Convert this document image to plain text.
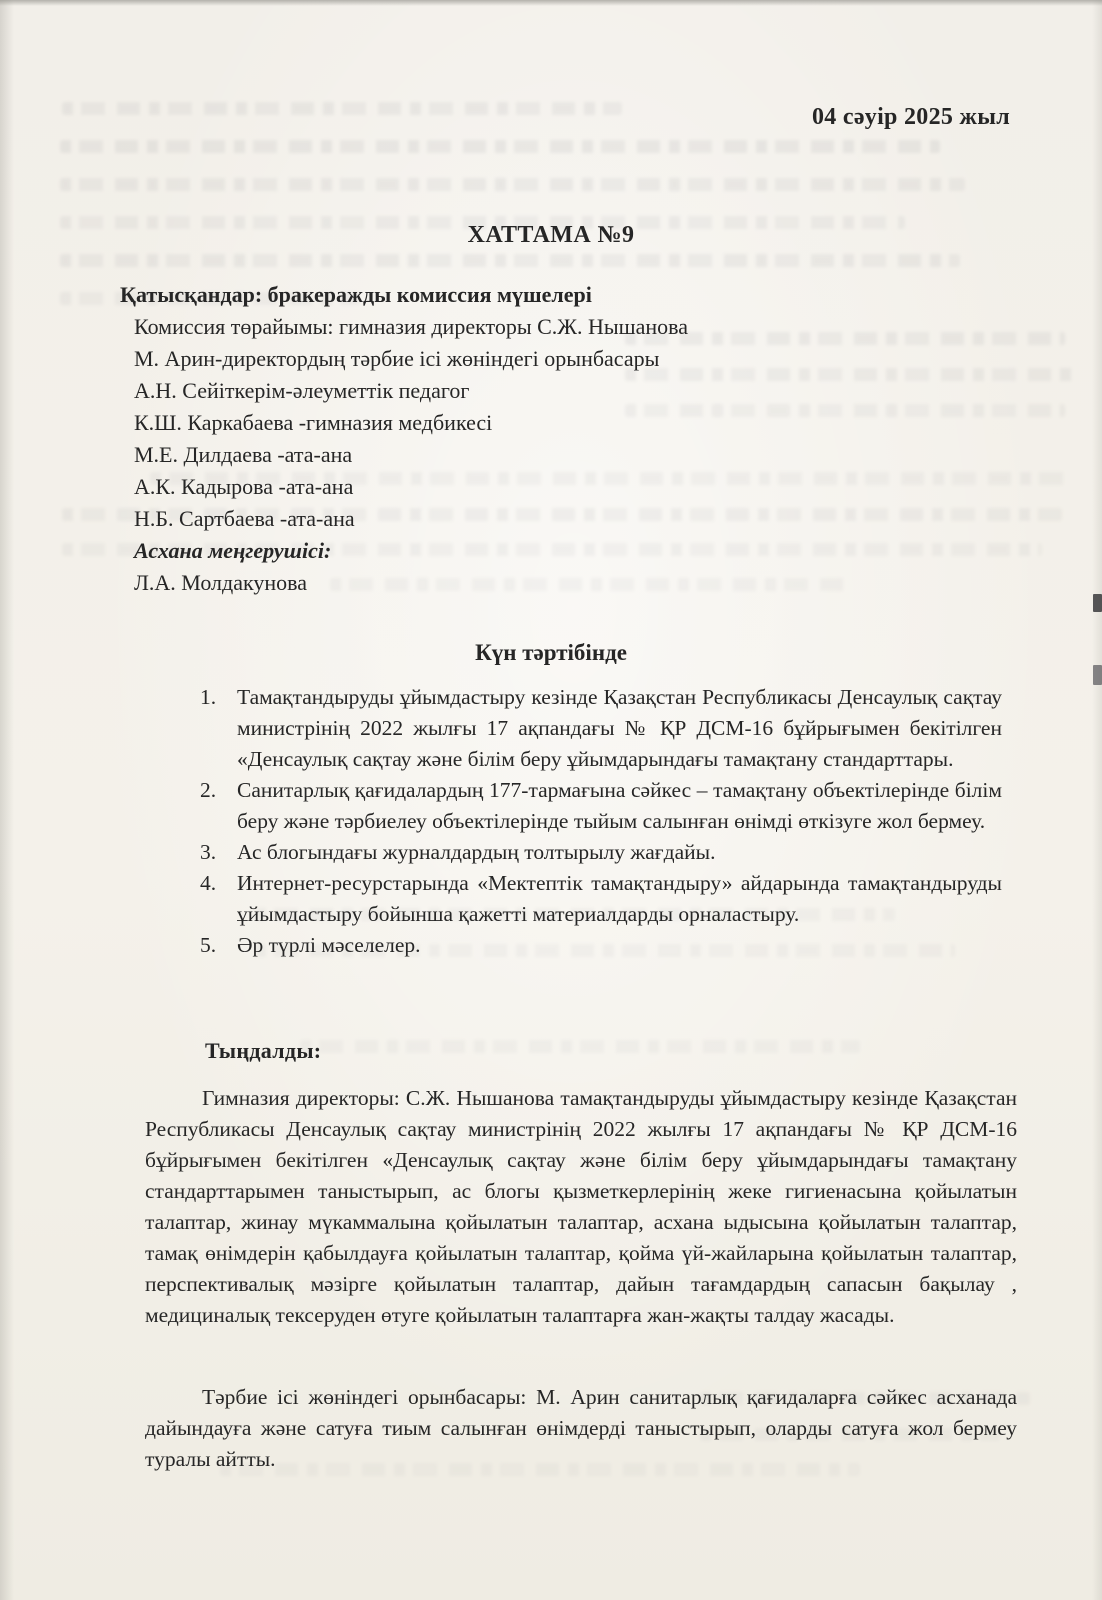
04 сәуір 2025 жыл
ХАТТАМА №9
Қатысқандар: бракеражды комиссия мүшелері
Комиссия төрайымы: гимназия директоры С.Ж. Нышанова
М. Арин-директордың тәрбие ісі жөніндегі орынбасары
А.Н. Сейіткерім-әлеуметтік педагог
К.Ш. Каркабаева -гимназия медбикесі
М.Е. Дилдаева -ата-ана
А.К. Кадырова -ата-ана
Н.Б. Сартбаева -ата-ана
Асхана меңгерушісі:
Л.А. Молдакунова
Күн тәртібінде
1. Тамақтандыруды ұйымдастыру кезінде Қазақстан Республикасы Денсаулық сақтау министрінің 2022 жылғы 17 ақпандағы № ҚР ДСМ-16 бұйрығымен бекітілген «Денсаулық сақтау және білім беру ұйымдарындағы тамақтану стандарттары.
2. Санитарлық қағидалардың 177-тармағына сәйкес – тамақтану объектілерінде білім беру және тәрбиелеу объектілерінде тыйым салынған өнімді өткізуге жол бермеу.
3. Ас блогындағы журналдардың толтырылу жағдайы.
4. Интернет-ресурстарында «Мектептік тамақтандыру» айдарында тамақтандыруды ұйымдастыру бойынша қажетті материалдарды орналастыру.
5. Әр түрлі мәселелер.
Тыңдалды:
Гимназия директоры: С.Ж. Нышанова тамақтандыруды ұйымдастыру кезінде Қазақстан Республикасы Денсаулық сақтау министрінің 2022 жылғы 17 ақпандағы № ҚР ДСМ-16 бұйрығымен бекітілген «Денсаулық сақтау және білім беру ұйымдарындағы тамақтану стандарттарымен таныстырып, ас блогы қызметкерлерінің жеке гигиенасына қойылатын талаптар, жинау мүкаммалына қойылатын талаптар, асхана ыдысына қойылатын талаптар, тамақ өнімдерін қабылдауға қойылатын талаптар, қойма үй-жайларына қойылатын талаптар, перспективалық мәзірге қойылатын талаптар, дайын тағамдардың сапасын бақылау , медициналық тексеруден өтуге қойылатын талаптарға жан-жақты талдау жасады.
Тәрбие ісі жөніндегі орынбасары: М. Арин санитарлық қағидаларға сәйкес асханада дайындауға және сатуға тиым салынған өнімдерді таныстырып, оларды сатуға жол бермеу туралы айтты.
